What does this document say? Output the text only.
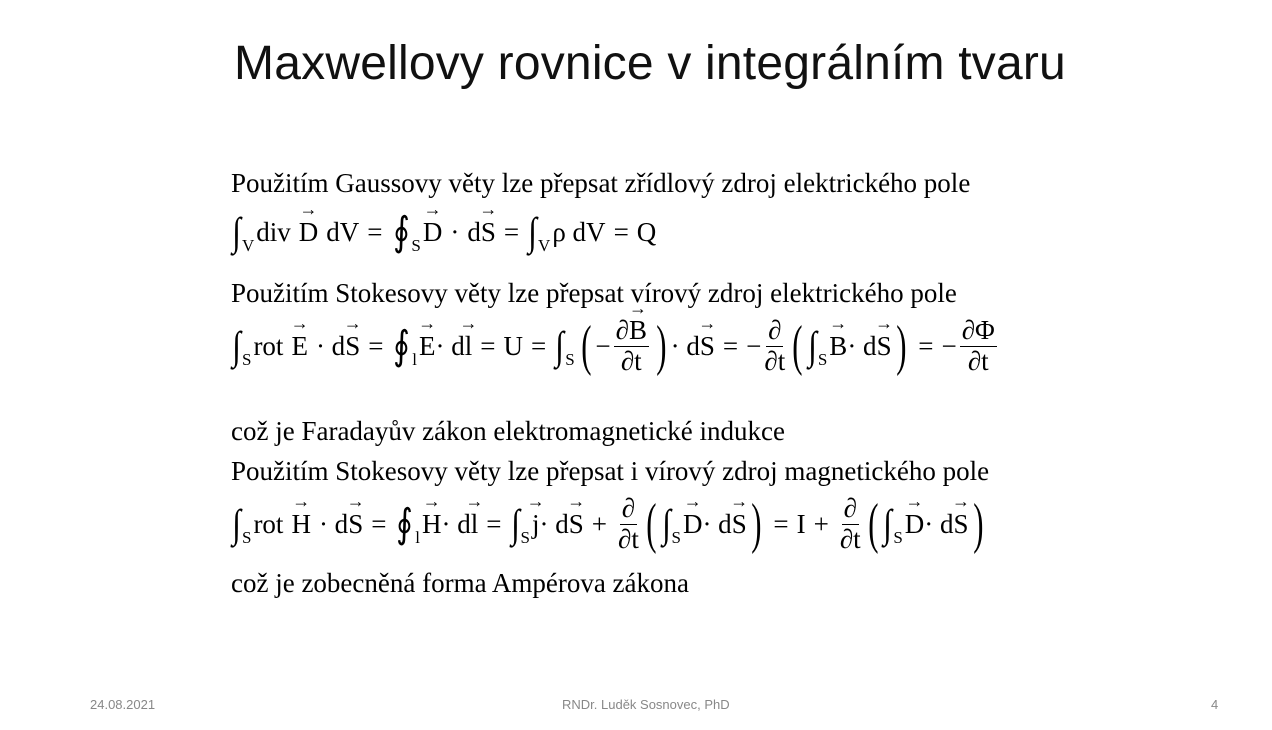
Maxwellovy rovnice v integrálním tvaru
Použitím Gaussovy věty lze přepsat zřídlový zdroj elektrického pole
∫ V div
→ D dV
= ∮ S
→ D · d
→ S = ∫ V ρ dV
=
Q
Použitím Stokesovy věty lze přepsat vírový zdroj elektrického pole
∫ S rot
→ E · d
→ S = ∮ l
→ E · d
→ l =
U
= ∫ S ( − $\frac{\partial\to B}{\partial t}$ ) · d
→ S = − $\frac{\partial}{\partial t}$ ( ∫ S
→ B · d
→ S ) = − $\frac{\partial\Phi}{\partial t}$
což je Faradayův zákon elektromagnetické indukce
Použitím Stokesovy věty lze přepsat i vírový zdroj magnetického pole
∫ S rot
→ H · d
→ S = ∮ l
→ H · d
→ l = ∫ S
→ j · d
→ $S + \frac{\partial}{\partial t}$ ( ∫ S
→ D · d
→ S ) =
I
+ $\frac{\partial}{\partial t}$ ( ∫ S
→ D · d
→ S )
což je zobecněná forma Ampérova zákona
24.08.2021	RNDr. Luděk Sosnovec, PhD	4
